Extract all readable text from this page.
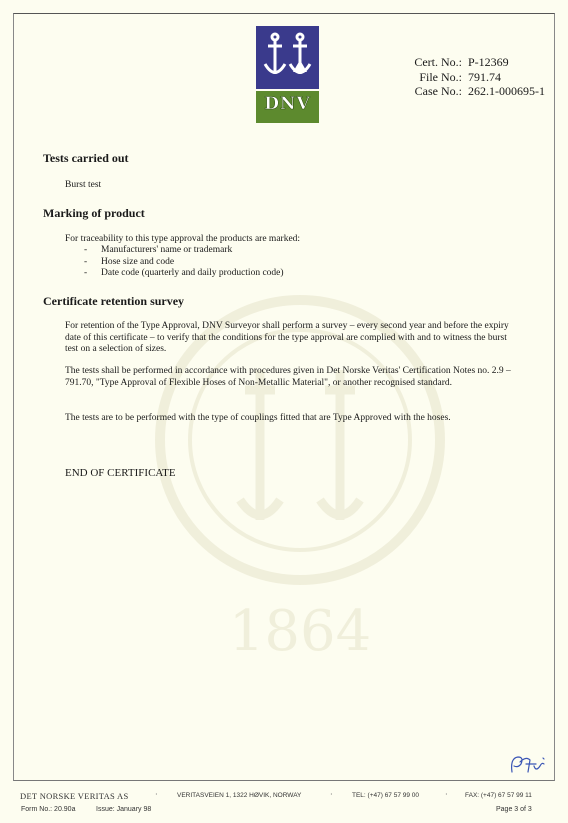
1864
DNV
Cert. No.: P-12369
File No.: 791.74
Case No.: 262.1-000695-1
Tests carried out
Burst test
Marking of product
For traceability to this type approval the products are marked:
- Manufacturers' name or trademark
- Hose size and code
- Date code (quarterly and daily production code)
Certificate retention survey
For retention of the Type Approval, DNV Surveyor shall perform a survey – every second year and before the expiry date of this certificate – to verify that the conditions for the type approval are complied with and to witness the burst test on a selection of sizes.
The tests shall be performed in accordance with procedures given in Det Norske Veritas' Certification Notes no. 2.9 – 791.70, "Type Approval of Flexible Hoses of Non-Metallic Material", or another recognised standard.
The tests are to be performed with the type of couplings fitted that are Type Approved with the hoses.
END OF CERTIFICATE
DET NORSKE VERITAS AS	·	VERITASVEIEN 1, 1322 HØVIK, NORWAY	·	TEL: (+47) 67 57 99 00	·	FAX: (+47) 67 57 99 11
Form No.: 20.90a	Issue: January 98	Page 3 of 3
